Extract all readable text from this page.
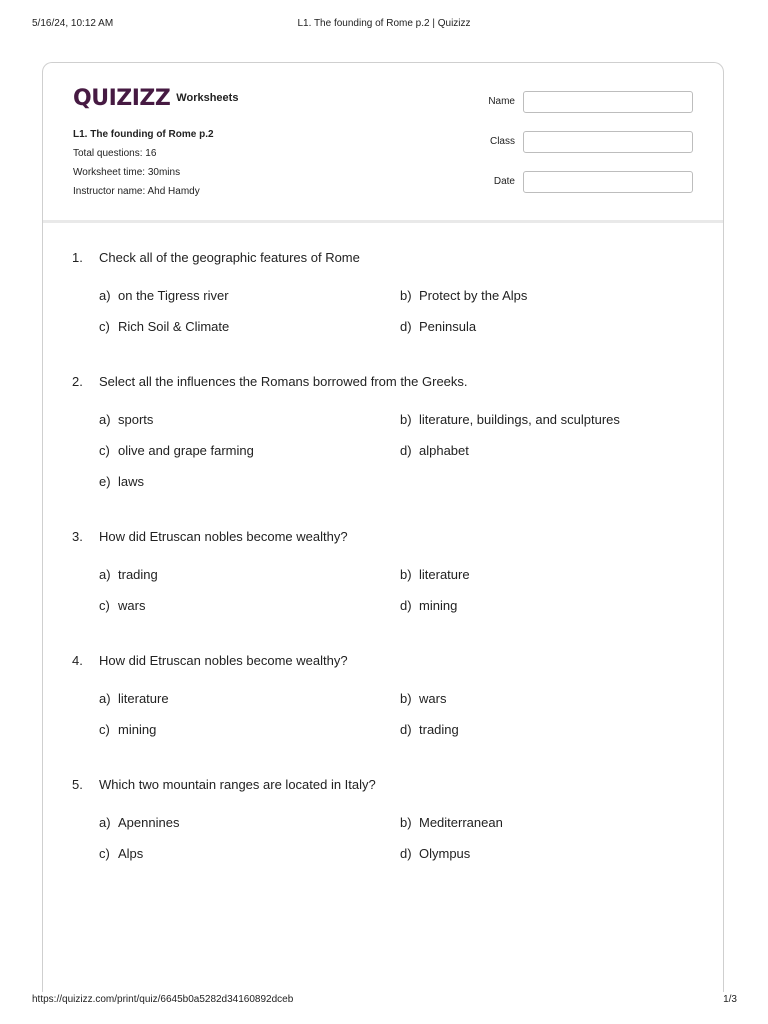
5/16/24, 10:12 AM	L1. The founding of Rome p.2 | Quizizz
QUIZIZZ Worksheets
L1. The founding of Rome p.2
Total questions: 16
Worksheet time: 30mins
Instructor name: Ahd Hamdy
Name
Class
Date
1. Check all of the geographic features of Rome
a) on the Tigress river	b) Protect by the Alps
c) Rich Soil & Climate	d) Peninsula
2. Select all the influences the Romans borrowed from the Greeks.
a) sports	b) literature, buildings, and sculptures
c) olive and grape farming	d) alphabet
e) laws
3. How did Etruscan nobles become wealthy?
a) trading	b) literature
c) wars	d) mining
4. How did Etruscan nobles become wealthy?
a) literature	b) wars
c) mining	d) trading
5. Which two mountain ranges are located in Italy?
a) Apennines	b) Mediterranean
c) Alps	d) Olympus
https://quizizz.com/print/quiz/6645b0a5282d34160892dceb	1/3
